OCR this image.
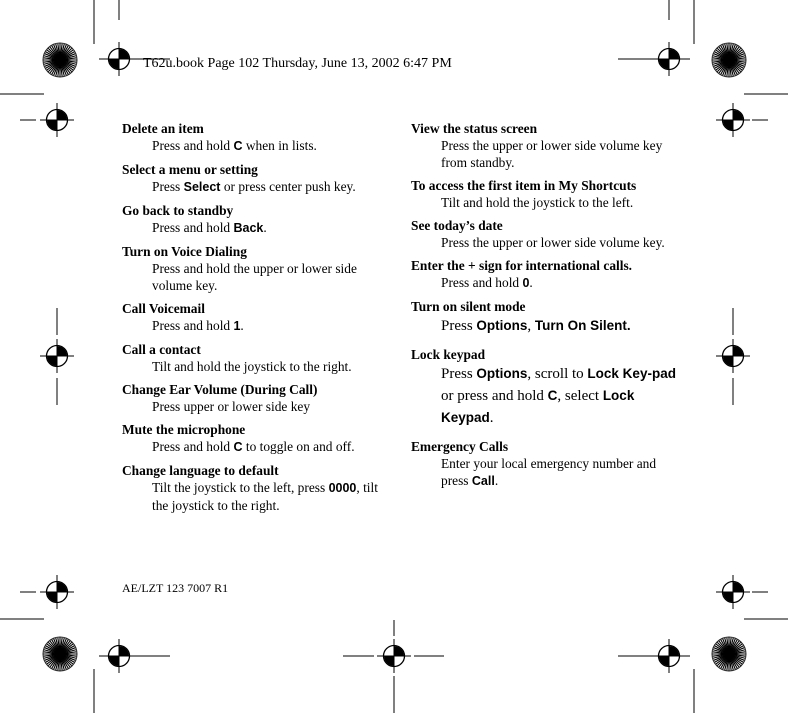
T62u.book Page 102 Thursday, June 13, 2002 6:47 PM
Delete an item

Press and hold C when in lists.

Select a menu or setting

Press Select or press center push key.

Go back to standby

Press and hold Back.

Turn on Voice Dialing

Press and hold the upper or lower side volume key.

Call Voicemail

Press and hold 1.

Call a contact

Tilt and hold the joystick to the right.

Change Ear Volume (During Call)

Press upper or lower side key

Mute the microphone

Press and hold C to toggle on and off.

Change language to default

Tilt the joystick to the left, press 0000, tilt the joystick to the right.

View the status screen

Press the upper or lower side volume key from standby.

To access the first item in My Shortcuts

Tilt and hold the joystick to the left.

See today’s date

Press the upper or lower side volume key.

Enter the + sign for international calls.

Press and hold 0.

Turn on silent mode

Press Options, Turn On Silent.

Lock keypad

Press Options, scroll to Lock Key-pad or press and hold C, select Lock Keypad.

Emergency Calls

Enter your local emergency number and press Call.

AE/LZT 123 7007 R1
